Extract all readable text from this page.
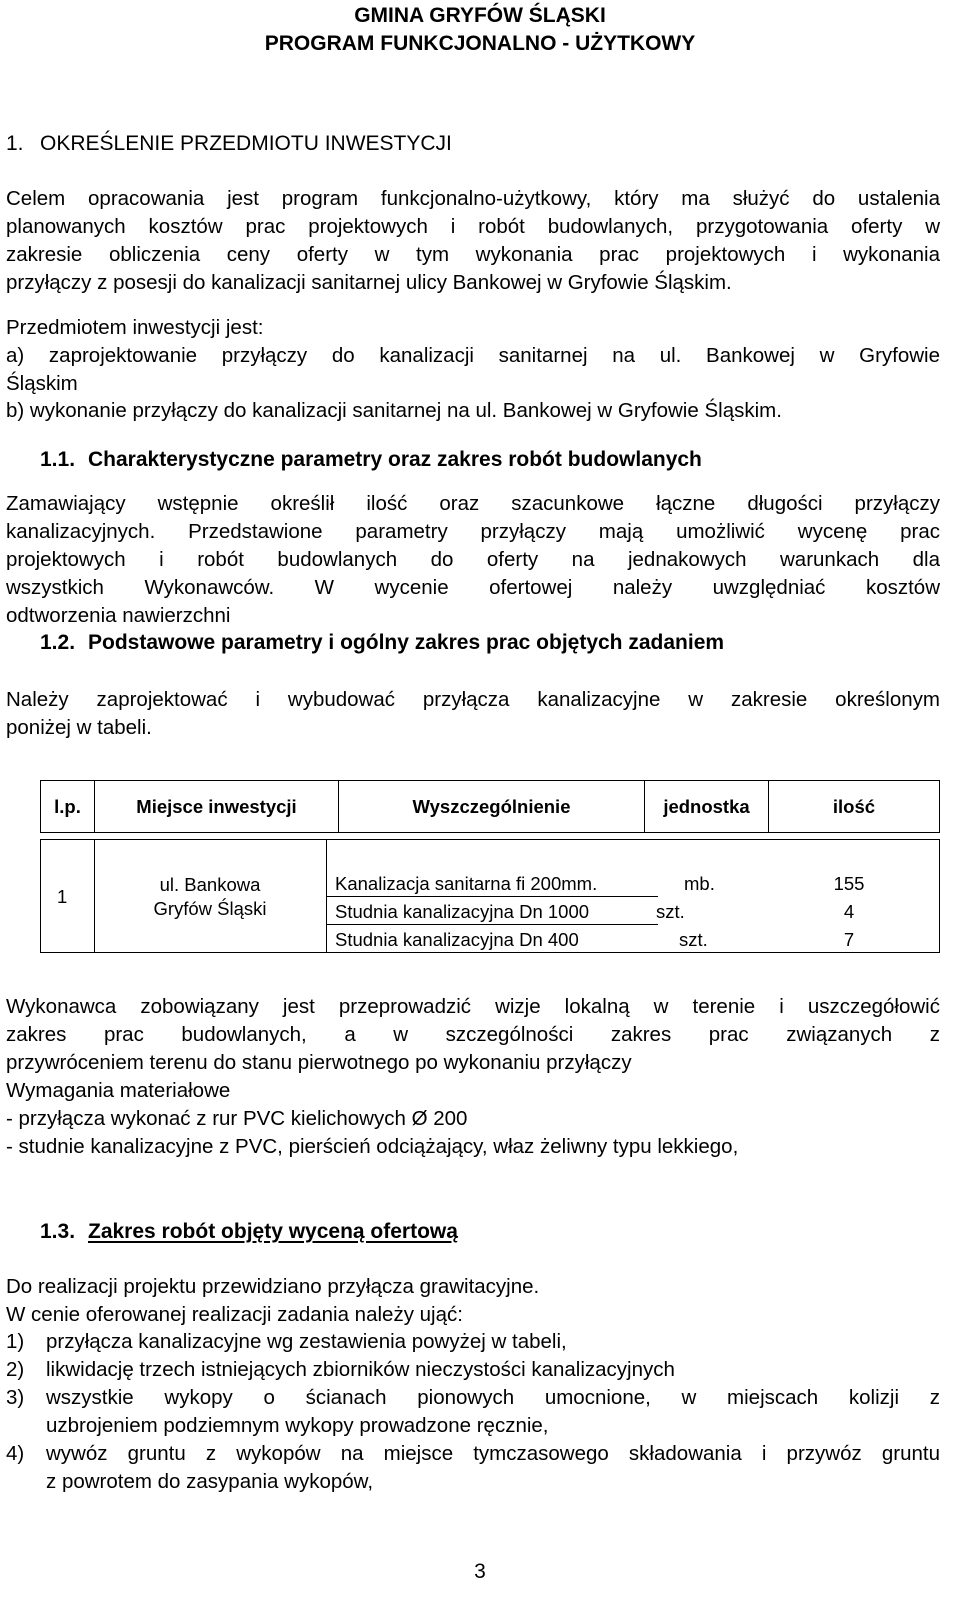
GMINA GRYFÓW ŚLĄSKI
PROGRAM FUNKCJONALNO - UŻYTKOWY
1. OKREŚLENIE PRZEDMIOTU INWESTYCJI
Celem opracowania jest program funkcjonalno-użytkowy, który ma służyć do ustalenia
planowanych kosztów prac projektowych i robót budowlanych, przygotowania oferty w
zakresie obliczenia ceny oferty w tym wykonania prac projektowych i wykonania
przyłączy z posesji do kanalizacji sanitarnej ulicy Bankowej w Gryfowie Śląskim.
Przedmiotem inwestycji jest:
a) zaprojektowanie przyłączy do kanalizacji sanitarnej na ul. Bankowej w Gryfowie
Śląskim
b) wykonanie przyłączy do kanalizacji sanitarnej na ul. Bankowej w Gryfowie Śląskim.
1.1. Charakterystyczne parametry oraz zakres robót budowlanych
Zamawiający wstępnie określił ilość oraz szacunkowe łączne długości przyłączy
kanalizacyjnych. Przedstawione parametry przyłączy mają umożliwić wycenę prac
projektowych i robót budowlanych do oferty na jednakowych warunkach dla
wszystkich Wykonawców. W wycenie ofertowej należy uwzględniać kosztów
odtworzenia nawierzchni
1.2. Podstawowe parametry i ogólny zakres prac objętych zadaniem
Należy zaprojektować i wybudować przyłącza kanalizacyjne w zakresie określonym
poniżej w tabeli.
l.p.	Miejsce inwestycji	Wyszczególnienie	jednostka	ilość
1
ul. Bankowa
Gryfów Śląski
Kanalizacja sanitarna fi 200mm.	mb.	155
Studnia kanalizacyjna Dn 1000	szt.	4
Studnia kanalizacyjna Dn 400	szt.	7
Wykonawca zobowiązany jest przeprowadzić wizje lokalną w terenie i uszczegółowić
zakres prac budowlanych, a w szczególności zakres prac związanych z
przywróceniem terenu do stanu pierwotnego po wykonaniu przyłączy
Wymagania materiałowe
- przyłącza wykonać z rur PVC kielichowych Ø 200
- studnie kanalizacyjne z PVC, pierścień odciążający, właz żeliwny typu lekkiego,
1.3. Zakres robót objęty wyceną ofertową
Do realizacji projektu przewidziano przyłącza grawitacyjne.
W cenie oferowanej realizacji zadania należy ująć:
1) przyłącza kanalizacyjne wg zestawienia powyżej w tabeli,
2) likwidację trzech istniejących zbiorników nieczystości kanalizacyjnych
3) wszystkie wykopy o ścianach pionowych umocnione, w miejscach kolizji z
uzbrojeniem podziemnym wykopy prowadzone ręcznie,
4) wywóz gruntu z wykopów na miejsce tymczasowego składowania i przywóz gruntu
z powrotem do zasypania wykopów,
3
